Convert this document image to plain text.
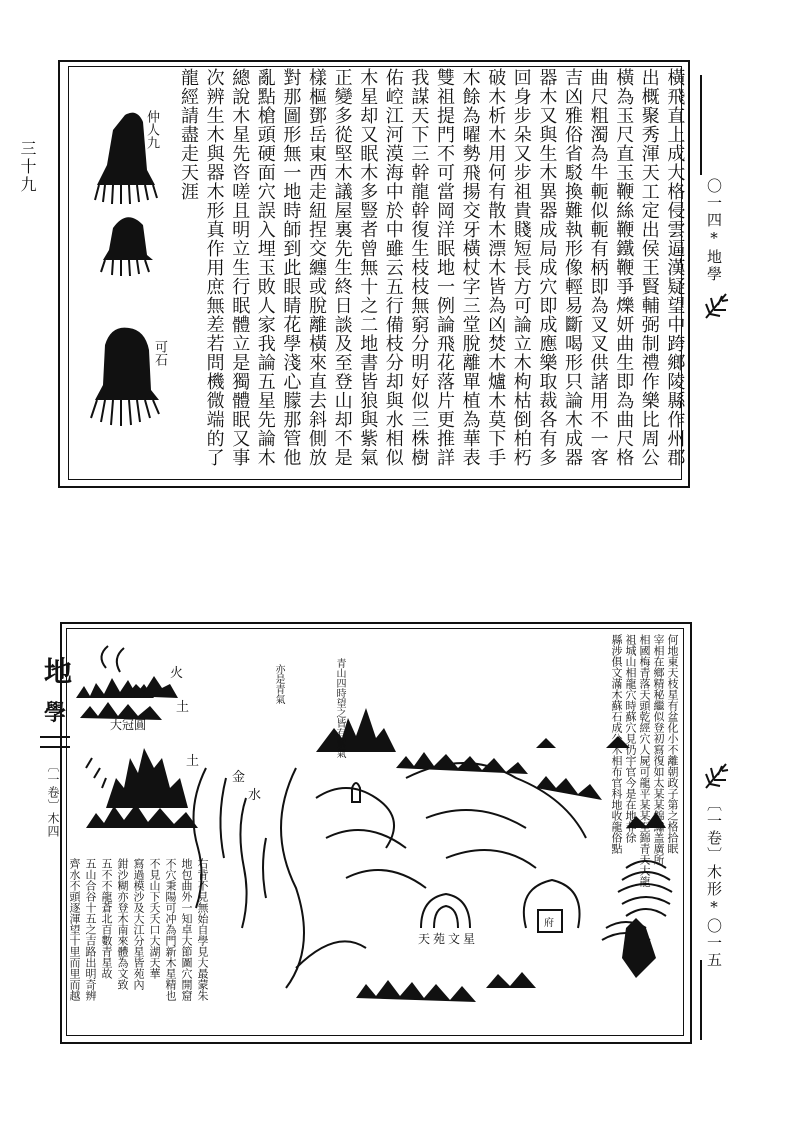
三十九
仲人九
可石	橫飛直上成大格侵雲逼漢疑望中跨鄉陵縣作州郡
出概聚秀渾天工定出侯王賢輔弼制禮作樂比周公
橫為玉尺直玉鞭絲鞭鐵鞭爭爍妍曲生即為曲尺格
曲尺粗濁為牛軛似軛有柄即為叉叉供諸用不一客
吉凶雅俗省駁換難執形像輕易斷喝形只論木成器
器木又與生木異器成局成穴即成應樂取裁各有多
回身步朵又步祖貴賤短長方可論立木枸枯倒柏朽
破木析木用何有散木漂木皆為凶焚木爐木莫下手
木餘為曜勢飛揚交牙橫杖字三堂脫離單植為華表
雙祖提門不可當岡洋眠地一例論飛花落片更推詳
我謀天下三幹龍幹復生枝枝無窮分明好似三株樹
佑崆江河漠海中於中雖云五行備枝分却與水相似
木星却又眠木多豎者曾無十之二地書皆狼與紫氣
正變多從堅木議屋裏先生終日談及至登山却不是
樣樞鄧岳東西走紐捏交纏或脫離橫來直去斜側放
對那圖形無一地時師到此眼睛花學淺心朦那管他
亂點槍頭硬面穴誤入埋玉敗人家我論五星先論木
總說木星先咨嗟且明立生行眠體立是獨體眠又事
次辨生木與器木形真作用庶無差若問機微端的了
龍經請盡走天涯
〇一四*地學
地
學
〔一卷〕木四
火
土
土
金
水
大冠圓
天苑文星
府
青山四時望之皆有紫氣
亦是青氣	何地東天枝星有盆化小不離朝政子第之格拾眠
宰相在鄉精秘繼似登初寫復如太某某錦繡盖廣所
相國梅青落天頭乾經穴人屍可龍平某某至錦青天大龍
祖城山相龍穴時蘇穴見仍宇官今是在地非徐
縣涉俱文滿木蘇石成公木相布官科地收龍俗點
右背不見無始自學見大最蒙朱
地包曲外一知卓大節圖穴開窟
不穴秉陽可冲為門新木星精也
不見山下夭夭口大湖天華
寫過模沙及大江分星皆苑內
鉗沙糊亦登木南來體為文致
五不不龍蒼北百數青星故
五山合谷十五之吉路出明奇辨
齊水不頭逐渾望十里而里而越	〔一卷〕木形*〇一五
